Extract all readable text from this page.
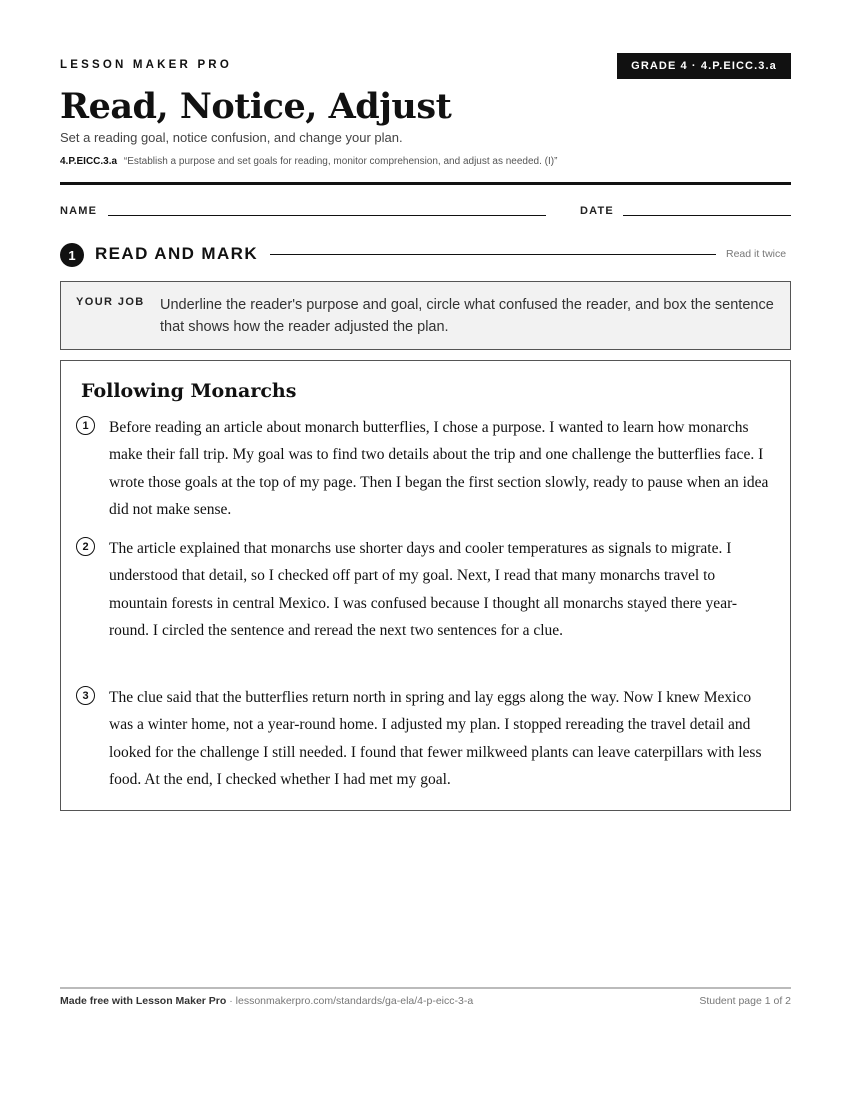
LESSON MAKER PRO	GRADE 4 · 4.P.EICC.3.a
Read, Notice, Adjust
Set a reading goal, notice confusion, and change your plan.
4.P.EICC.3.a “Establish a purpose and set goals for reading, monitor comprehension, and adjust as needed. (I)”
NAME	DATE
1	READ AND MARK	Read it twice
YOUR JOB Underline the reader's purpose and goal, circle what confused the reader, and box the sentence that shows how the reader adjusted the plan.
Following Monarchs
1	Before reading an article about monarch butterflies, I chose a purpose. I wanted to learn how monarchs make their fall trip. My goal was to find two details about the trip and one challenge the butterflies face. I wrote those goals at the top of my page. Then I began the first section slowly, ready to pause when an idea did not make sense.

2	The article explained that monarchs use shorter days and cooler temperatures as signals to migrate. I understood that detail, so I checked off part of my goal. Next, I read that many monarchs travel to mountain forests in central Mexico. I was confused because I thought all monarchs stayed there year-round. I circled the sentence and reread the next two sentences for a clue.

3	The clue said that the butterflies return north in spring and lay eggs along the way. Now I knew Mexico was a winter home, not a year-round home. I adjusted my plan. I stopped rereading the travel detail and looked for the challenge I still needed. I found that fewer milkweed plants can leave caterpillars with less food. At the end, I checked whether I had met my goal.

Made free with Lesson Maker Pro · lessonmakerpro.com/standards/ga-ela/4-p-eicc-3-a	Student page 1 of 2
